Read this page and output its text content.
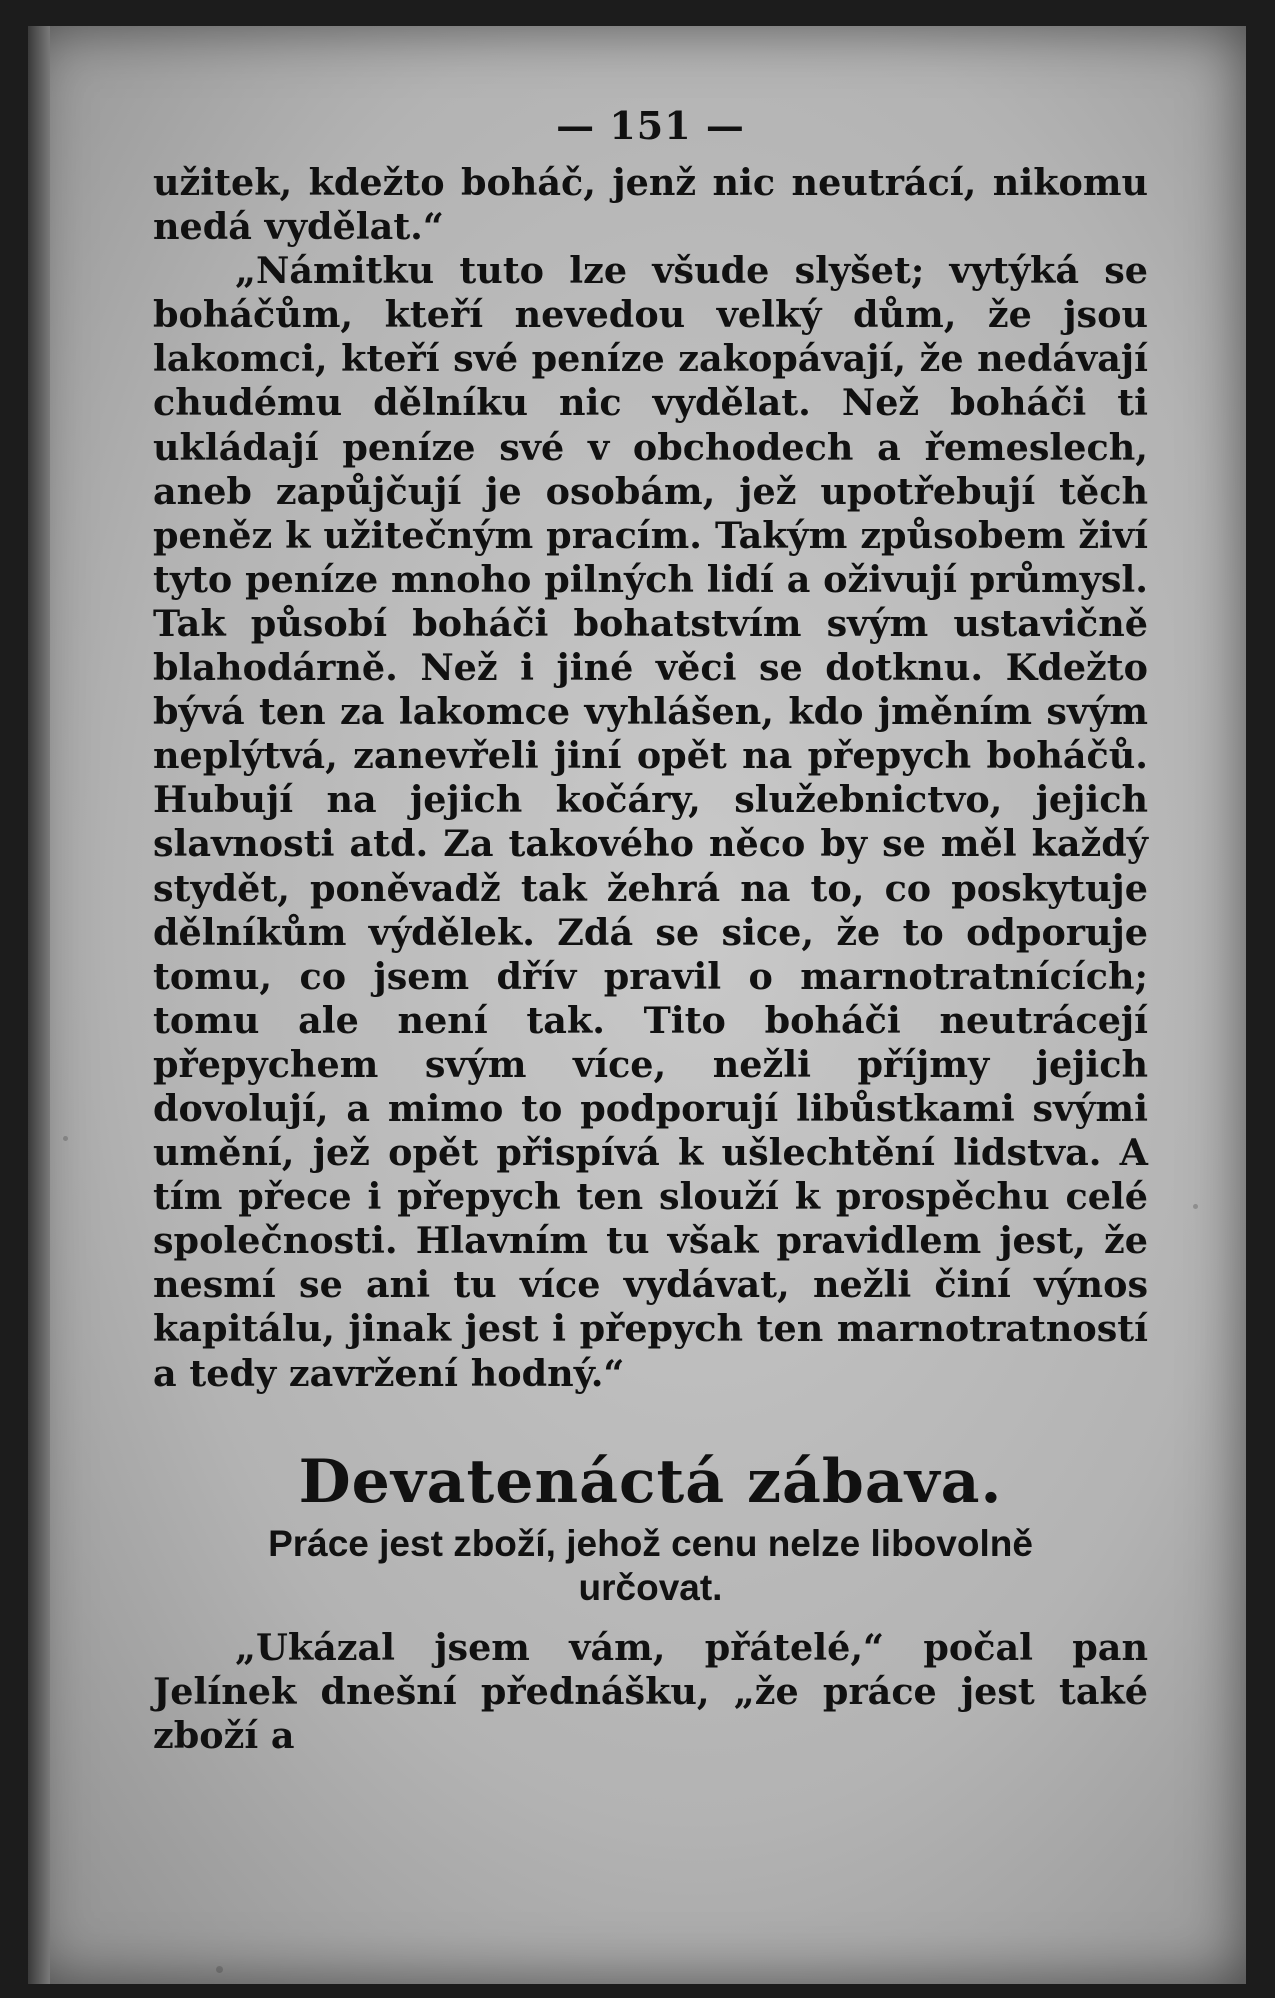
— 151 —

užitek, kdežto boháč, jenž nic neutrácí, nikomu nedá vydělat.“

„Námitku tuto lze všude slyšet; vytýká se boháčům, kteří nevedou velký dům, že jsou lakomci, kteří své peníze zakopávají, že nedávají chudému dělníku nic vydělat. Než boháči ti ukládají peníze své v obchodech a řemeslech, aneb zapůjčují je osobám, jež upotřebují těch peněz k užitečným pracím. Takým způsobem živí tyto peníze mnoho pilných lidí a oživují průmysl. Tak působí boháči bohatstvím svým ustavičně blahodárně. Než i jiné věci se dotknu. Kdežto bývá ten za lakomce vyhlášen, kdo jměním svým neplýtvá, zanevřeli jiní opět na přepych boháčů. Hubují na jejich kočáry, služebnictvo, jejich slavnosti atd. Za takového něco by se měl každý stydět, poněvadž tak žehrá na to, co poskytuje dělníkům výdělek. Zdá se sice, že to odporuje tomu, co jsem dřív pravil o marnotratnících; tomu ale není tak. Tito boháči neutrácejí přepychem svým více, nežli příjmy jejich dovolují, a mimo to podporují libůstkami svými umění, jež opět přispívá k ušlechtění lidstva. A tím přece i přepych ten slouží k prospěchu celé společnosti. Hlavním tu však pravidlem jest, že nesmí se ani tu více vydávat, nežli činí výnos kapitálu, jinak jest i přepych ten marnotratností a tedy zavržení hodný.“

Devatenáctá zábava.
Práce jest zboží, jehož cenu nelze libovolně určovat.

„Ukázal jsem vám, přátelé,“ počal pan Jelínek dnešní přednášku, „že práce jest také zboží a
